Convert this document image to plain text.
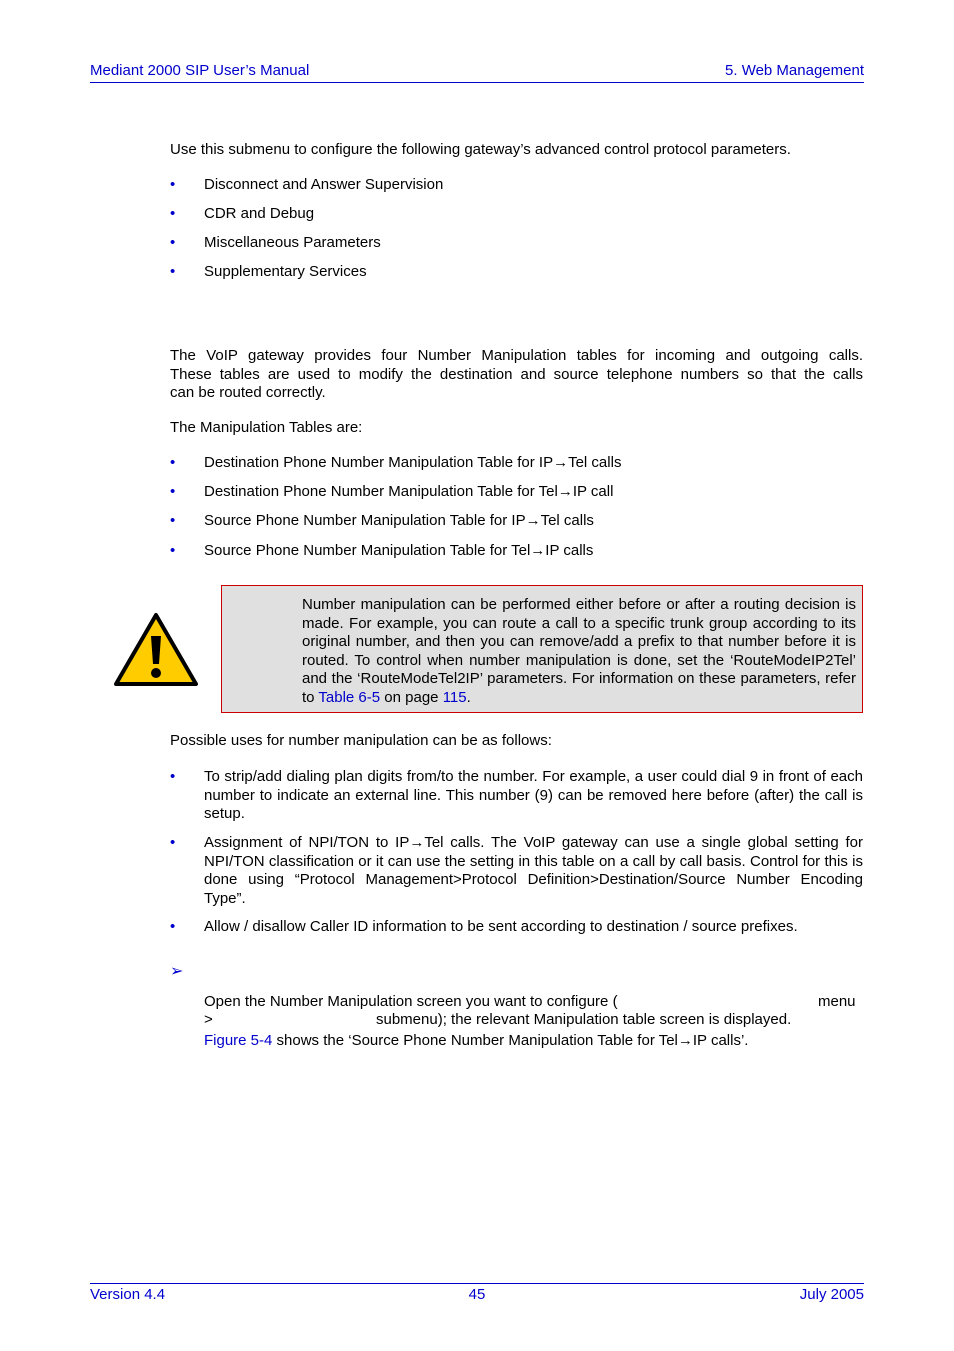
Mediant 2000 SIP User’s Manual	5. Web Management
Use this submenu to configure the following gateway’s advanced control protocol parameters.
• Disconnect and Answer Supervision
• CDR and Debug
• Miscellaneous Parameters
• Supplementary Services
The VoIP gateway provides four Number Manipulation tables for incoming and outgoing calls.
These tables are used to modify the destination and source telephone numbers so that the calls
can be routed correctly.
The Manipulation Tables are:
• Destination Phone Number Manipulation Table for IP→Tel calls
• Destination Phone Number Manipulation Table for Tel→IP call
• Source Phone Number Manipulation Table for IP→Tel calls
• Source Phone Number Manipulation Table for Tel→IP calls
Number manipulation can be performed either before or after a routing decision is made. For example, you can route a call to a specific trunk group according to its original number, and then you can remove/add a prefix to that number before it is routed. To control when number manipulation is done, set the ‘RouteModeIP2Tel’ and the ‘RouteModeTel2IP’ parameters. For information on these parameters, refer to Table 6-5 on page 115.
Possible uses for number manipulation can be as follows:
• To strip/add dialing plan digits from/to the number. For example, a user could dial 9 in front of each number to indicate an external line. This number (9) can be removed here before (after) the call is setup.
• Assignment of NPI/TON to IP→Tel calls. The VoIP gateway can use a single global setting for NPI/TON classification or it can use the setting in this table on a call by call basis. Control for this is done using “Protocol Management>Protocol Definition>Destination/Source Number Encoding Type”.
• Allow / disallow Caller ID information to be sent according to destination / source prefixes.
➢
Open the Number Manipulation screen you want to configure (	menu
>	submenu); the relevant Manipulation table screen is displayed.
Figure 5-4 shows the ‘Source Phone Number Manipulation Table for Tel→IP calls’.
Version 4.4	45	July 2005
